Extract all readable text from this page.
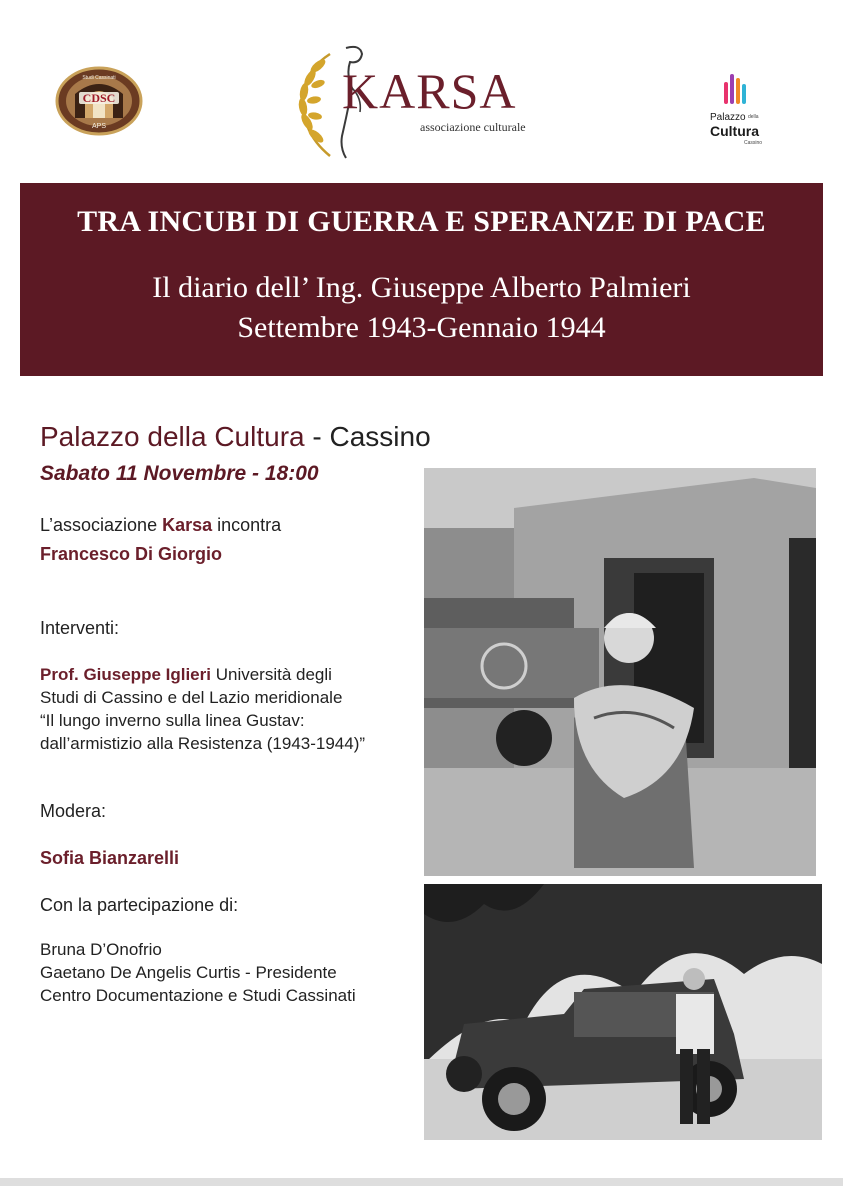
CDSC
Studi Cassinati
APS
KARSA
associazione culturale
Palazzo della
Cultura
Cassino
TRA INCUBI DI GUERRA E SPERANZE DI PACE
Il diario dell’ Ing. Giuseppe Alberto Palmieri
Settembre 1943-Gennaio 1944
Palazzo della Cultura - Cassino
Sabato 11 Novembre - 18:00
L’associazione Karsa incontra
Francesco Di Giorgio
Interventi:
Prof. Giuseppe Iglieri Università degli
Studi di Cassino e del Lazio meridionale
“Il lungo inverno sulla linea Gustav:
dall’armistizio alla Resistenza (1943-1944)”
Modera:
Sofia Bianzarelli
Con la partecipazione di:
Bruna D’Onofrio
Gaetano De Angelis Curtis - Presidente
Centro Documentazione e Studi Cassinati
